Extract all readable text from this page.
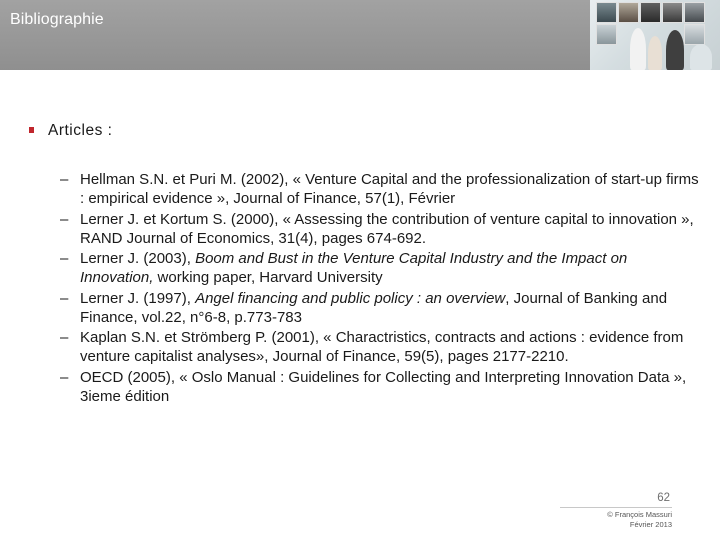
Bibliographie
Articles :
– Hellman S.N. et Puri M. (2002), « Venture Capital and the professionalization of start-up firms : empirical evidence », Journal of Finance, 57(1), Février
– Lerner J. et Kortum S. (2000), « Assessing the contribution of venture capital to innovation », RAND Journal of Economics, 31(4), pages 674-692.
– Lerner J. (2003), Boom and Bust in the Venture Capital Industry and the Impact on Innovation, working paper, Harvard University
– Lerner J. (1997), Angel financing and public policy : an overview, Journal of Banking and Finance, vol.22, n°6-8, p.773-783
– Kaplan S.N. et Strömberg P. (2001), « Charactristics, contracts and actions : evidence from venture capitalist analyses», Journal of Finance, 59(5), pages 2177-2210.
– OECD (2005), « Oslo Manual : Guidelines for Collecting and Interpreting Innovation Data », 3ieme édition
62
© François Massuri
Février 2013
